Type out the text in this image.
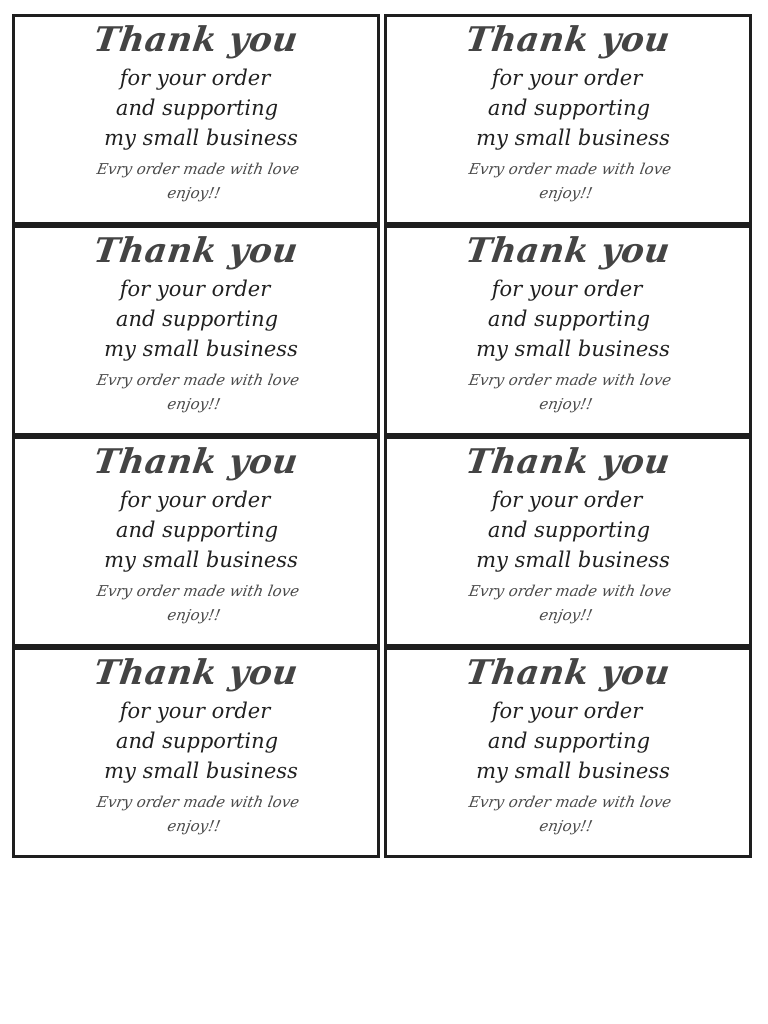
Thank you
for your order
and supporting
my small business
Evry order made with love
enjoy!!
Thank you
for your order
and supporting
my small business
Evry order made with love
enjoy!!
Thank you
for your order
and supporting
my small business
Evry order made with love
enjoy!!
Thank you
for your order
and supporting
my small business
Evry order made with love
enjoy!!
Thank you
for your order
and supporting
my small business
Evry order made with love
enjoy!!
Thank you
for your order
and supporting
my small business
Evry order made with love
enjoy!!
Thank you
for your order
and supporting
my small business
Evry order made with love
enjoy!!
Thank you
for your order
and supporting
my small business
Evry order made with love
enjoy!!
